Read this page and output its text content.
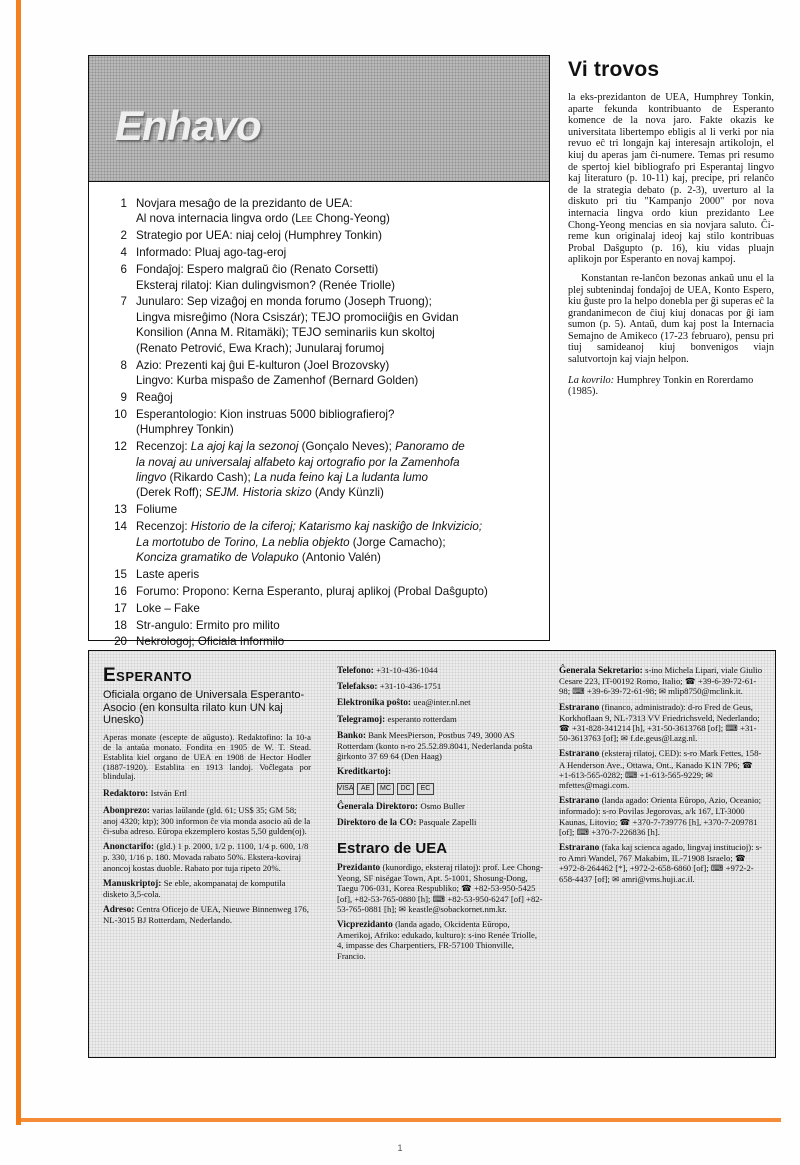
Enhavo
1 Novjara mesaĝo de la prezidanto de UEA:
Al nova internacia lingva ordo (Lee Chong-Yeong)
2 Strategio por UEA: niaj celoj (Humphrey Tonkin)
4 Informado: Pluaj ago-tag-eroj
6 Fondaĵoj: Espero malgraŭ ĉio (Renato Corsetti)
Eksteraj rilatoj: Kian dulingvismon? (Renée Triolle)
7 Junularo: Sep vizaĝoj en monda forumo (Joseph Truong);
Lingva misreĝimo (Nora Csiszár); TEJO promociiĝis en Gvidan
Konsilion (Anna M. Ritamäki); TEJO seminariis kun skoltoj
(Renato Petrović, Ewa Krach); Junularaj forumoj
8 Azio: Prezenti kaj ĝui E-kulturon (Joel Brozovsky)
Lingvo: Kurba mispaŝo de Zamenhof (Bernard Golden)
9 Reaĝoj
10 Esperantologio: Kion instruas 5000 bibliografieroj?
(Humphrey Tonkin)
12 Recenzoj: La ajoj kaj la sezonoj (Gonçalo Neves); Panoramo de
la novaj au universalaj alfabeto kaj ortografio por la Zamenhofa
lingvo (Rikardo Cash); La nuda feino kaj La ludanta lumo
(Derek Roff); SEJM. Historia skizo (Andy Künzli)
13 Foliume
14 Recenzoj: Historio de la ciferoj; Katarismo kaj naskiĝo de Inkvizicio;
La mortotubo de Torino, La neblia objekto (Jorge Camacho);
Konciza gramatiko de Volapuko (Antonio Valén)
15 Laste aperis
16 Forumo: Propono: Kerna Esperanto, pluraj aplikoj (Probal Daŝgupto)
17 Loke – Fake
18 Str-angulo: Ermito pro milito
20 Nekrologoj; Oficiala Informilo
Vi trovos

la eks-prezidanton de UEA, Humphrey Tonkin, aparte fekunda kontribuanto de Esperanto komence de la nova jaro. Fakte okazis ke universitata libertempo ebligis al li verki por nia revuo eĉ tri longajn kaj interesajn artikolojn, el kiuj du aperas jam ĉi-numere. Temas pri resumo de spertoj kiel bibliografo pri Esperantaj lingvo kaj literaturo (p. 10-11) kaj, precipe, pri relanĉo de la strategia debato (p. 2-3), uverturo al la diskuto pri tiu "Kampanjo 2000" por nova internacia lingva ordo kiun prezidanto Lee Chong-Yeong mencias en sia novjara saluto. Ĉi-reme kun originalaj ideoj kaj stilo kontribuas Probal Daŝgupto (p. 16), kiu vidas pluajn aplikojn por Esperanto en novaj kampoj.

Konstantan re-lanĉon bezonas ankaŭ unu el la plej subtenindaj fondaĵoj de UEA, Konto Espero, kiu ĝuste pro la helpo donebla per ĝi superas eĉ la grandanimecon de ĉiuj kiuj donacas por ĝi iam sumon (p. 5). Antaŭ, dum kaj post la Internacia Semajno de Amikeco (17-23 februaro), pensu pri tiuj samideanoj kiuj bonvenigos viajn salutvortojn kaj viajn helpon.

La kovrilo: Humphrey Tonkin en Rorerdamo (1985).
Esperanto
Oficiala organo de Universala Esperanto-Asocio (en konsulta rilato kun UN kaj Unesko)
Aperas monate (escepte de aŭgusto). Redaktofino: la 10-a de la antaŭa monato. Fondita en 1905 de W. T. Stead. Establita kiel organo de UEA en 1908 de Hector Hodler (1887-1920). Establita en 1913 landoj. Voĉlegata por blindulaj.
Redaktoro: István Ertl
Abonprezo: varias laŭlande (gld. 61; US$ 35; GM 58; anoj 4320; ktp); 300 informon ĉe via monda asocio aŭ de la ĉi-suba adreso. Eŭropa ekzemplero kostas 5,50 gulden(oj).
Anonctarifo: (gld.) 1 p. 2000, 1/2 p. 1100, 1/4 p. 600, 1/8 p. 330, 1/16 p. 180. Movada rabato 50%. Ekstera-koviraj anoncoj kostas duoble. Rabato por tuja ripeto 20%.
Manuskriptoj: Se eble, akompanataj de komputila disketo 3,5-cola.
Adreso: Centra Oficejo de UEA, Nieuwe Binnenweg 176, NL-3015 BJ Rotterdam, Nederlando.
Telefono: +31-10-436-1044
Telefakso: +31-10-436-1751
Elektronika poŝto: uea@inter.nl.net
Telegramoj: esperanto rotterdam
Banko: Bank MeesPierson, Postbus 749, 3000 AS Rotterdam (konto n-ro 25.52.89.8041, Nederlanda poŝta ĝirkonto 37 69 64 (Den Haag)
Kreditkartoj:
VISA	AE	MC	DC	EC
Ĝenerala Direktoro: Osmo Buller
Direktoro de la CO: Pasquale Zapelli
Estraro de UEA
Prezidanto (kunordigo, eksteraj rilatoj): prof. Lee Chong-Yeong, SF niségae Town, Apt. 5-1001, Shosung-Dong, Taegu 706-031, Korea Respubliko; ☎ +82-53-950-5425 [of], +82-53-765-0880 [h]; ⌨ +82-53-950-6247 [of] +82-53-765-0881 [h]; ✉ keastle@sobackornet.nm.kr.
Vicprezidanto (landa agado, Okcidenta Eŭropo, Amerikoj, Afriko: edukado, kulturo): s-ino Renée Triolle, 4, impasse des Charpentiers, FR-57100 Thionville, Francio.
Ĝenerala Sekretario: s-ino Michela Lipari, viale Giulio Cesare 223, IT-00192 Romo, Italio; ☎ +39-6-39-72-61-98; ⌨ +39-6-39-72-61-98; ✉ mlip8750@mclink.it.
Estrarano (financo, administrado): d-ro Fred de Geus, Korkhoflaan 9, NL-7313 VV Friedrichsveld, Nederlando; ☎ +31-828-341214 [h], +31-50-3613768 [of]; ⌨ +31-50-3613763 [of]; ✉ f.de.geus@l.azg.nl.
Estrarano (eksteraj rilatoj, CED): s-ro Mark Fettes, 158-A Henderson Ave., Ottawa, Ont., Kanado K1N 7P6; ☎ +1-613-565-0282; ⌨ +1-613-565-9229; ✉ mfettes@magi.com.
Estrarano (landa agado: Orienta Eŭropo, Azio, Oceanio; informado): s-ro Povilas Jegorovas, a/k 167, LT-3000 Kaunas, Litovio; ☎ +370-7-739776 [h], +370-7-209781 [of]; ⌨ +370-7-226836 [h].
Estrarano (faka kaj scienca agado, lingvaj institucioj): s-ro Amri Wandel, 767 Makabim, IL-71908 Israelo; ☎ +972-8-264462 [*], +972-2-658-6860 [of]; ⌨ +972-2-658-4437 [of]; ✉ amri@vms.huji.ac.il.
1
